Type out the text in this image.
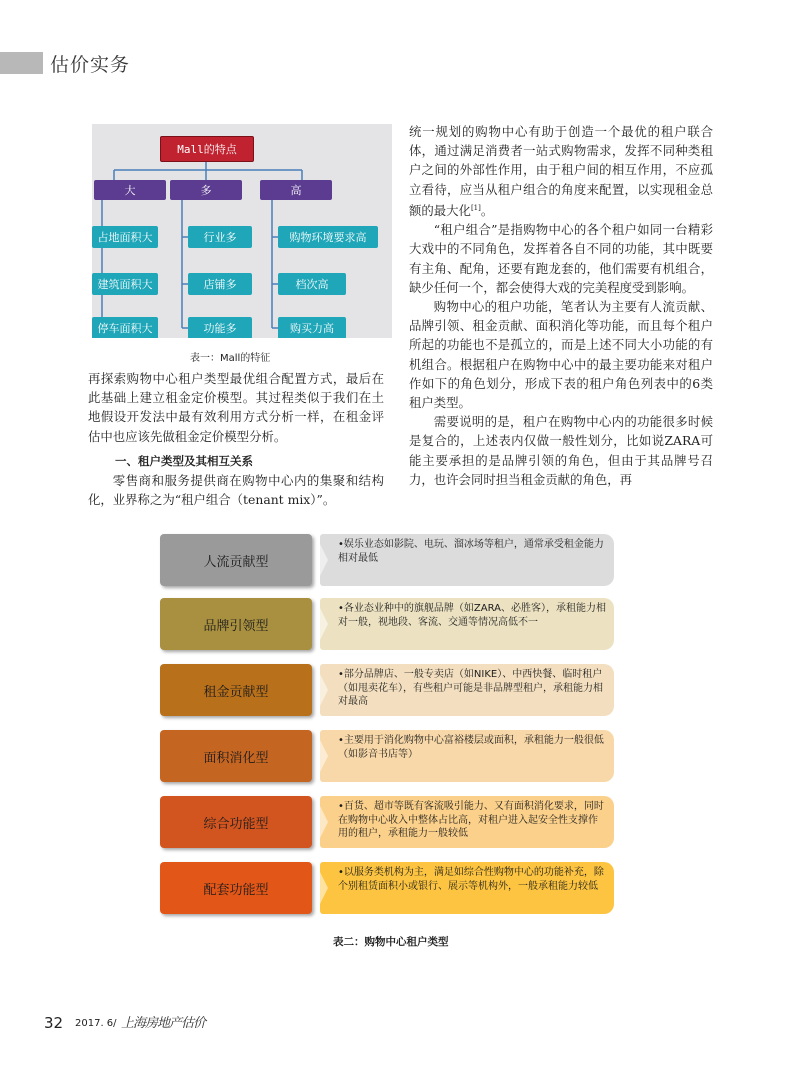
估价实务
Mall的特点
大	多	高
占地面积大
建筑面积大
停车面积大
行业多
店铺多
功能多
购物环境要求高
档次高
购买力高
表一：Mall的特征

再探索购物中心租户类型最优组合配置方式，最后在此基础上建立租金定价模型。其过程类似于我们在土地假设开发法中最有效利用方式分析一样，在租金评估中也应该先做租金定价模型分析。

一、租户类型及其相互关系

零售商和服务提供商在购物中心内的集聚和结构化，业界称之为“租户组合（tenant mix）”。

统一规划的购物中心有助于创造一个最优的租户联合体，通过满足消费者一站式购物需求，发挥不同种类租户之间的外部性作用，由于租户间的相互作用，不应孤立看待，应当从租户组合的角度来配置，以实现租金总额的最大化[1]。

“租户组合”是指购物中心的各个租户如同一台精彩大戏中的不同角色，发挥着各自不同的功能，其中既要有主角、配角，还要有跑龙套的，他们需要有机组合，缺少任何一个，都会使得大戏的完美程度受到影响。

购物中心的租户功能，笔者认为主要有人流贡献、品牌引领、租金贡献、面积消化等功能，而且每个租户所起的功能也不是孤立的，而是上述不同大小功能的有机组合。根据租户在购物中心中的最主要功能来对租户作如下的角色划分，形成下表的租户角色列表中的6类租户类型。

需要说明的是，租户在购物中心内的功能很多时候是复合的，上述表内仅做一般性划分，比如说ZARA可能主要承担的是品牌引领的角色，但由于其品牌号召力，也许会同时担当租金贡献的角色，再

人流贡献型
•娱乐业态如影院、电玩、溜冰场等租户，通常承受租金能力相对最低
品牌引领型
•各业态业种中的旗舰品牌（如ZARA、必胜客），承租能力相对一般，视地段、客流、交通等情况高低不一
租金贡献型
•部分品牌店、一般专卖店（如NIKE）、中西快餐、临时租户（如甩卖花车），有些租户可能是非品牌型租户，承租能力相对最高
面积消化型
•主要用于消化购物中心富裕楼层或面积，承租能力一般很低（如影音书店等）
综合功能型
•百货、超市等既有客流吸引能力、又有面积消化要求，同时在购物中心收入中整体占比高，对租户进入起安全性支撑作用的租户，承租能力一般较低
配套功能型
•以服务类机构为主，满足如综合性购物中心的功能补充，除个别租赁面积小或银行、展示等机构外，一般承租能力较低
表二：购物中心租户类型
32 2017. 6/ 上海房地产估价
